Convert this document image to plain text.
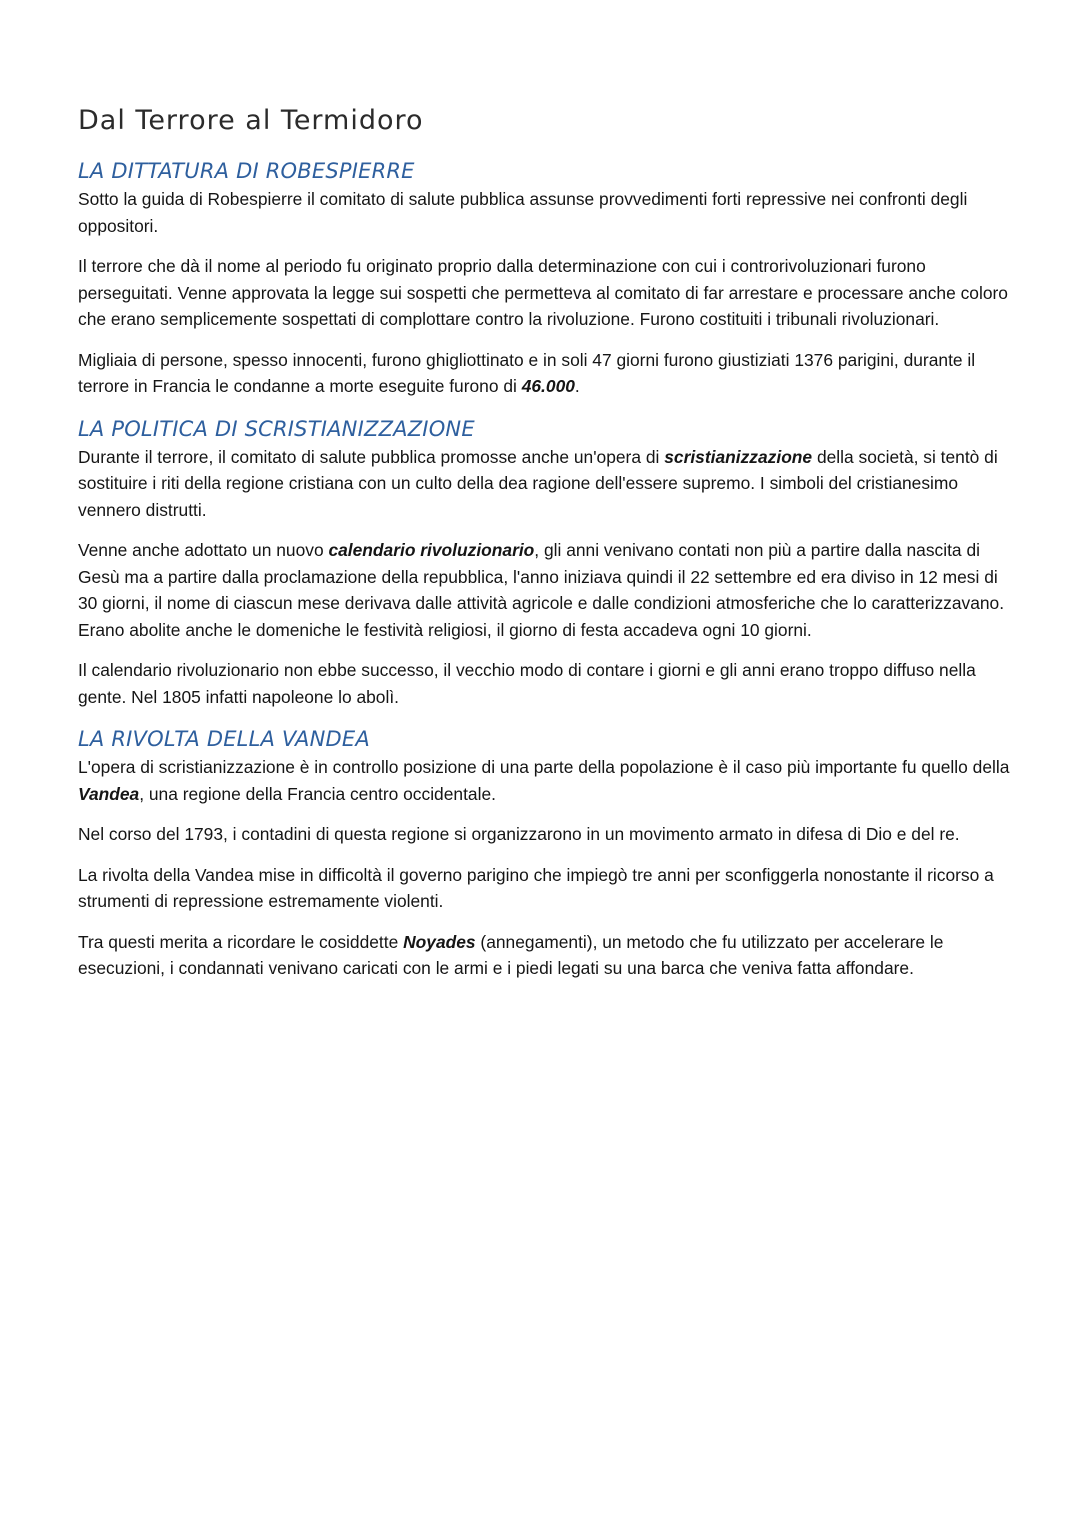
Dal Terrore al Termidoro
LA DITTATURA DI ROBESPIERRE

Sotto la guida di Robespierre il comitato di salute pubblica assunse provvedimenti forti repressive nei confronti degli oppositori.

Il terrore che dà il nome al periodo fu originato proprio dalla determinazione con cui i controrivoluzionari furono perseguitati. Venne approvata la legge sui sospetti che permetteva al comitato di far arrestare e processare anche coloro che erano semplicemente sospettati di complottare contro la rivoluzione. Furono costituiti i tribunali rivoluzionari.

Migliaia di persone, spesso innocenti, furono ghigliottinato e in soli 47 giorni furono giustiziati 1376 parigini, durante il terrore in Francia le condanne a morte eseguite furono di 46.000.

LA POLITICA DI SCRISTIANIZZAZIONE

Durante il terrore, il comitato di salute pubblica promosse anche un'opera di scristianizzazione della società, si tentò di sostituire i riti della regione cristiana con un culto della dea ragione dell'essere supremo. I simboli del cristianesimo vennero distrutti.

Venne anche adottato un nuovo calendario rivoluzionario, gli anni venivano contati non più a partire dalla nascita di Gesù ma a partire dalla proclamazione della repubblica, l'anno iniziava quindi il 22 settembre ed era diviso in 12 mesi di 30 giorni, il nome di ciascun mese derivava dalle attività agricole e dalle condizioni atmosferiche che lo caratterizzavano. Erano abolite anche le domeniche le festività religiosi, il giorno di festa accadeva ogni 10 giorni.

Il calendario rivoluzionario non ebbe successo, il vecchio modo di contare i giorni e gli anni erano troppo diffuso nella gente. Nel 1805 infatti napoleone lo abolì.

LA RIVOLTA DELLA VANDEA

L'opera di scristianizzazione è in controllo posizione di una parte della popolazione è il caso più importante fu quello della Vandea, una regione della Francia centro occidentale.

Nel corso del 1793, i contadini di questa regione si organizzarono in un movimento armato in difesa di Dio e del re.

La rivolta della Vandea mise in difficoltà il governo parigino che impiegò tre anni per sconfiggerla nonostante il ricorso a strumenti di repressione estremamente violenti.

Tra questi merita a ricordare le cosiddette Noyades (annegamenti), un metodo che fu utilizzato per accelerare le esecuzioni, i condannati venivano caricati con le armi e i piedi legati su una barca che veniva fatta affondare.
